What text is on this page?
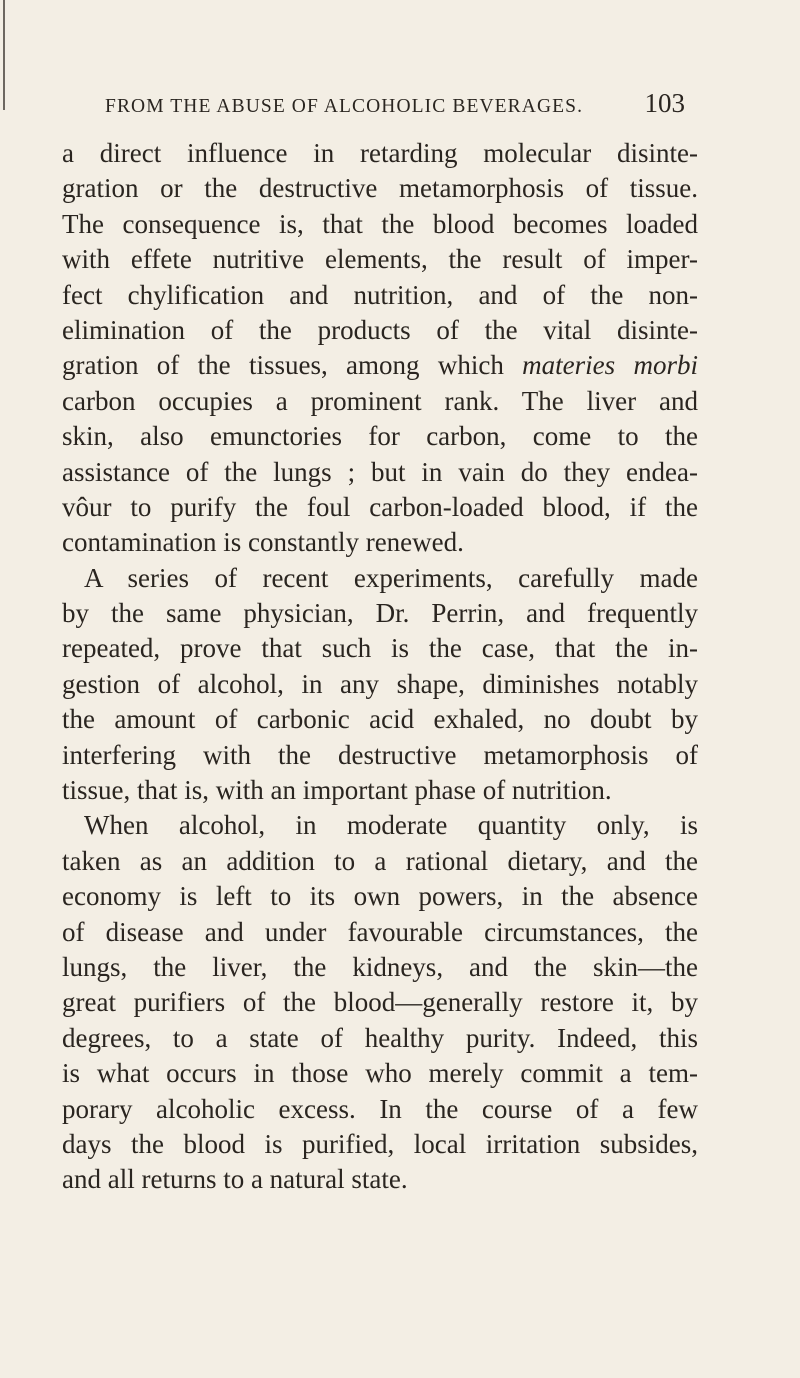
FROM THE ABUSE OF ALCOHOLIC BEVERAGES. 103
a direct influence in retarding molecular disinte-
gration or the destructive metamorphosis of tissue.
The consequence is, that the blood becomes loaded
with effete nutritive elements, the result of imper-
fect chylification and nutrition, and of the non-
elimination of the products of the vital disinte-
gration of the tissues, among which materies morbi
carbon occupies a prominent rank. The liver and
skin, also emunctories for carbon, come to the
assistance of the lungs ; but in vain do they endea-
vôur to purify the foul carbon-loaded blood, if the
contamination is constantly renewed.
A series of recent experiments, carefully made
by the same physician, Dr. Perrin, and frequently
repeated, prove that such is the case, that the in-
gestion of alcohol, in any shape, diminishes notably
the amount of carbonic acid exhaled, no doubt by
interfering with the destructive metamorphosis of
tissue, that is, with an important phase of nutrition.
When alcohol, in moderate quantity only, is
taken as an addition to a rational dietary, and the
economy is left to its own powers, in the absence
of disease and under favourable circumstances, the
lungs, the liver, the kidneys, and the skin—the
great purifiers of the blood—generally restore it, by
degrees, to a state of healthy purity. Indeed, this
is what occurs in those who merely commit a tem-
porary alcoholic excess. In the course of a few
days the blood is purified, local irritation subsides,
and all returns to a natural state.
